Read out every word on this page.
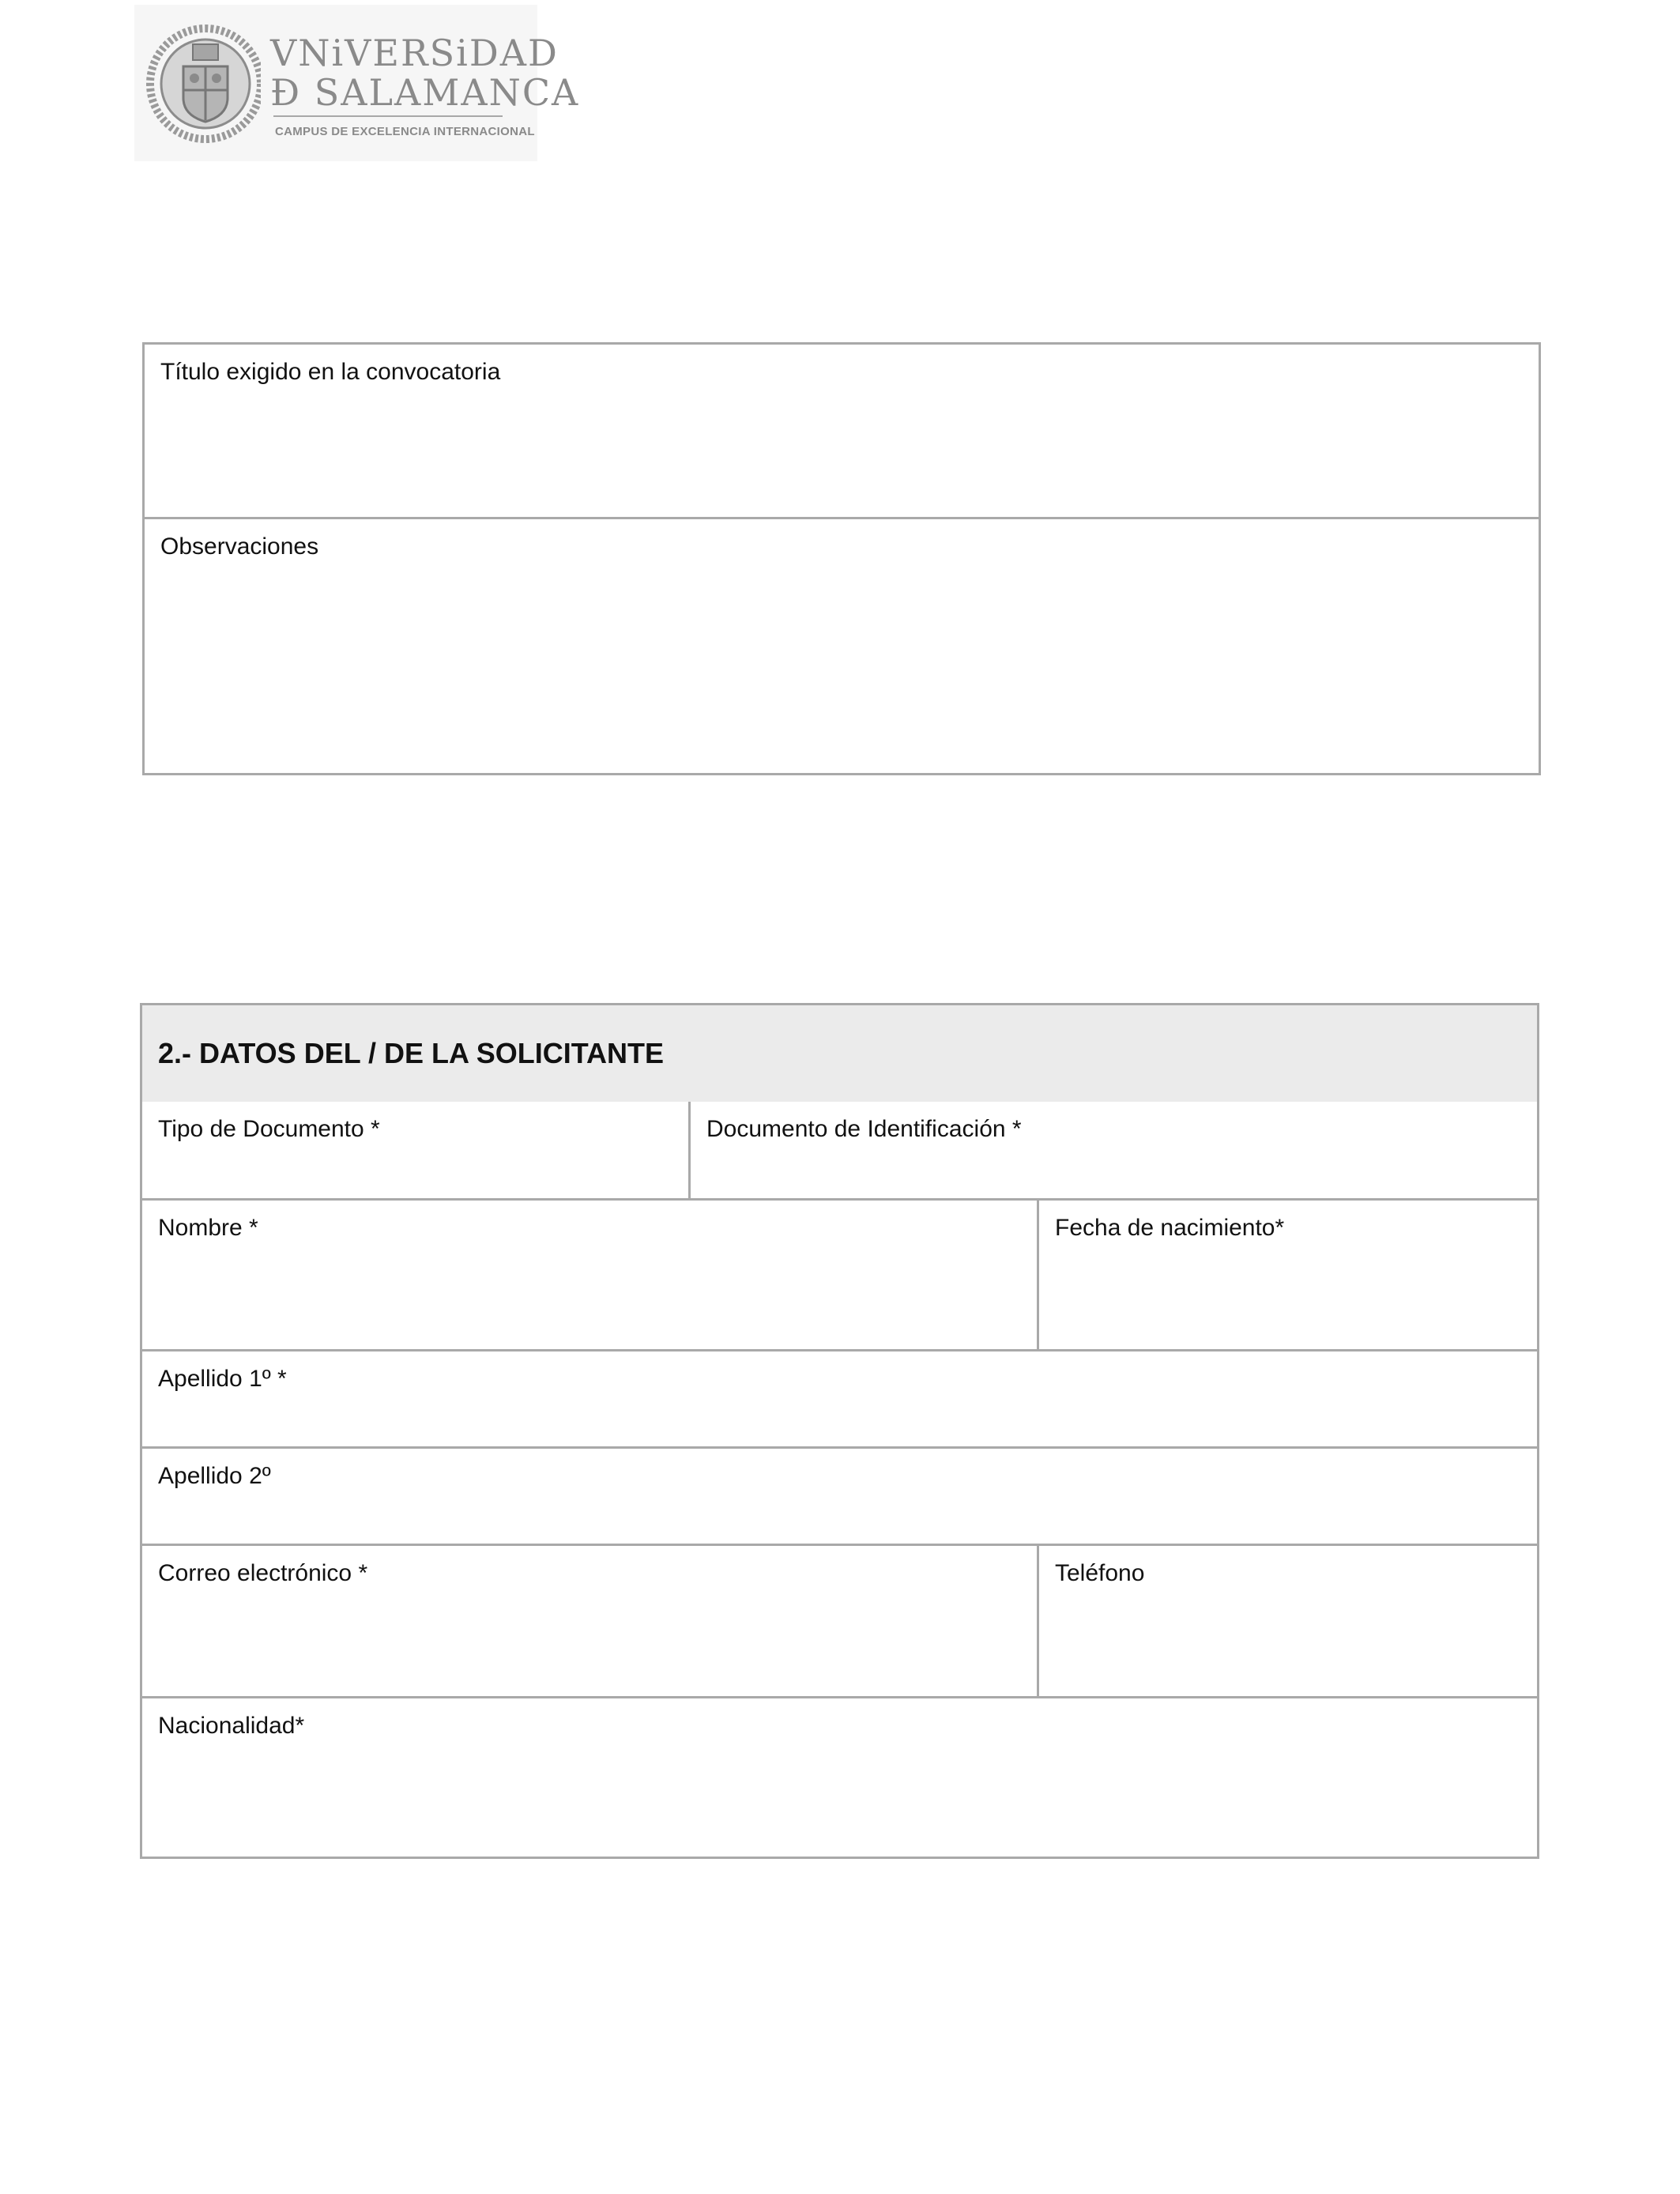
VNiVERSiDAD
Ð SALAMANCA
CAMPUS DE EXCELENCIA INTERNACIONAL
Título exigido en la convocatoria
Observaciones
2.- DATOS DEL / DE LA SOLICITANTE
Tipo de Documento *	Documento de Identificación *
Nombre *	Fecha de nacimiento*
Apellido 1º *
Apellido 2º
Correo electrónico *	Teléfono
Nacionalidad*
